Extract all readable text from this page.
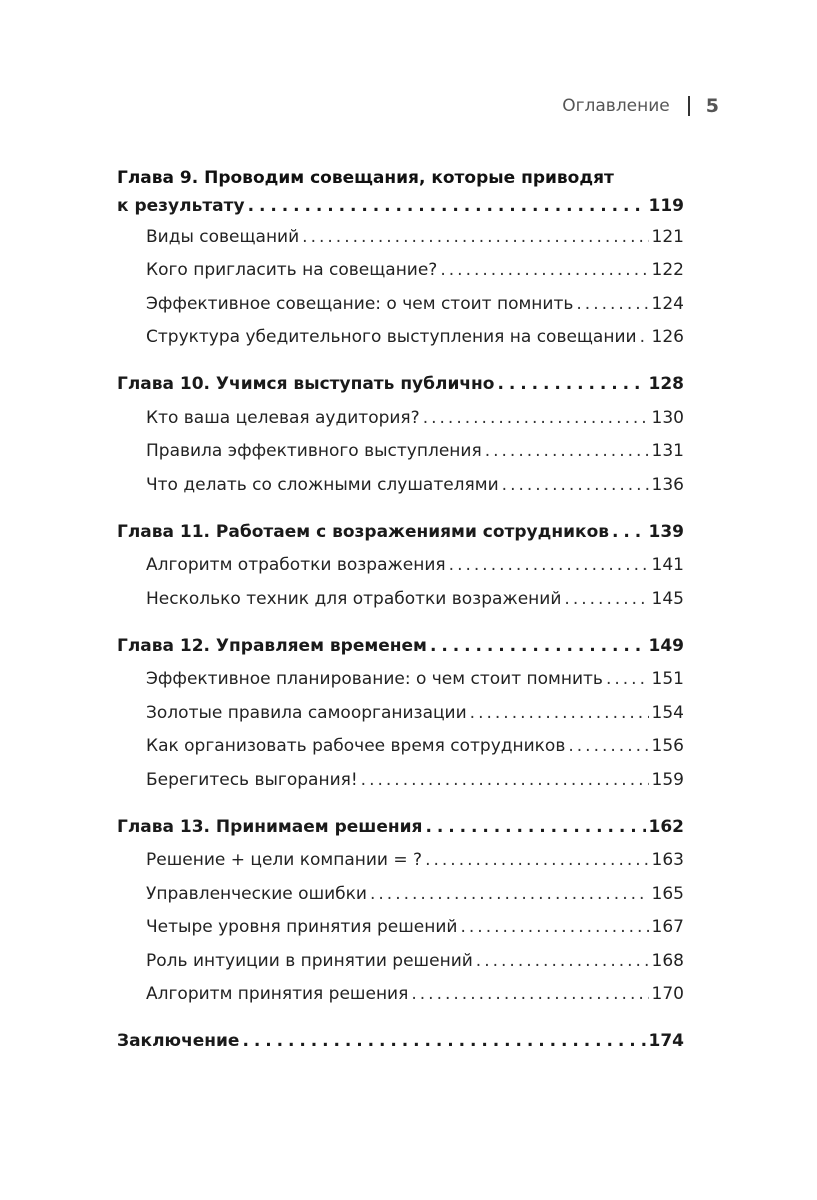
Оглавление 5
Глава 9. Проводим совещания, которые приводят
к результату . . .	119
Виды совещаний . . .	121
Кого пригласить на совещание? . . .	122
Эффективное совещание: о чем стоит помнить . . .	124
Структура убедительного выступления на совещании . . . 126
Глава 10. Учимся выступать публично . . .	128
Кто ваша целевая аудитория? . . .	130
Правила эффективного выступления . . .	131
Что делать со сложными слушателями . . .	136
Глава 11. Работаем с возражениями сотрудников . . . 139
Алгоритм отработки возражения . . .	141
Несколько техник для отработки возражений . . .	145
Глава 12. Управляем временем . . .	149
Эффективное планирование: о чем стоит помнить . . .	151
Золотые правила самоорганизации . . .	154
Как организовать рабочее время сотрудников . . .	156
Берегитесь выгорания! . . .	159
Глава 13. Принимаем решения . . .	162
Решение + цели компании = ? . . .	163
Управленческие ошибки . . .	165
Четыре уровня принятия решений . . .	167
Роль интуиции в принятии решений . . .	168
Алгоритм принятия решения . . .	170
Заключение . . .	174
